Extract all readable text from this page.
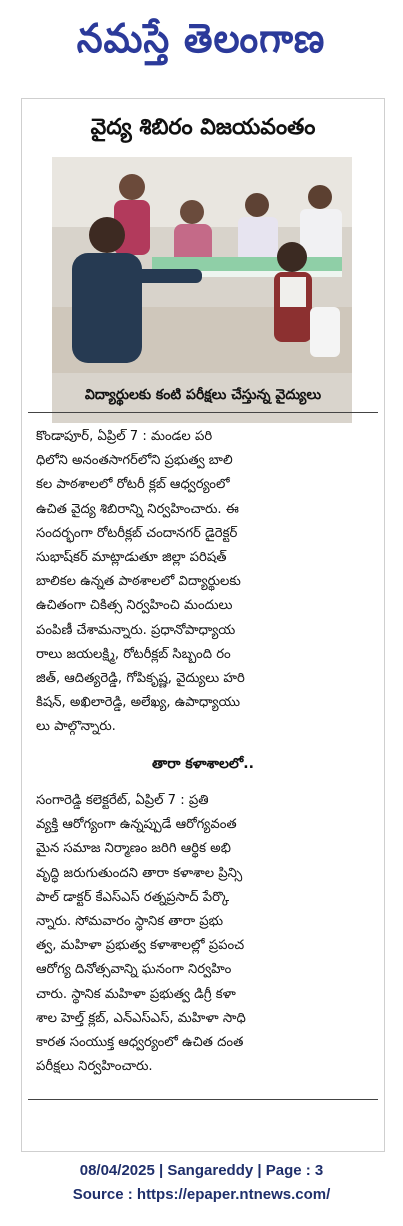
నమస్తే తెలంగాణ
వైద్య శిబిరం విజయవంతం
విద్యార్థులకు కంటి పరీక్షలు చేస్తున్న వైద్యులు
కొండాపూర్, ఏప్రిల్ 7 : మండల పరి
ధిలోని అనంతసాగర్‌లోని ప్రభుత్వ బాలి
కల పాఠశాలలో రోటరీ క్లబ్ ఆధ్వర్యంలో
ఉచిత వైద్య శిబిరాన్ని నిర్వహించారు. ఈ
సందర్భంగా రోటరీక్లబ్ చందానగర్ డైరెక్టర్
సుభాష్‌కర్ మాట్లాడుతూ జిల్లా పరిషత్
బాలికల ఉన్నత పాఠశాలలో విద్యార్థులకు
ఉచితంగా చికిత్స నిర్వహించి మందులు
పంపిణీ చేశామన్నారు. ప్రధానోపాధ్యాయ
రాలు జయలక్ష్మి, రోటరీక్లబ్ సిబ్బంది రం
జిత్, ఆదిత్యరెడ్డి, గోపికృష్ణ, వైద్యులు హరి
కిషన్, అఖిలారెడ్డి, అలేఖ్య, ఉపాధ్యాయు
లు పాల్గొన్నారు.
తారా కళాశాలలో..
సంగారెడ్డి కలెక్టరేట్, ఏప్రిల్ 7 : ప్రతి
వ్యక్తి ఆరోగ్యంగా ఉన్నప్పుడే ఆరోగ్యవంత
మైన సమాజ నిర్మాణం జరిగి ఆర్థిక అభి
వృద్ధి జరుగుతుందని తారా కళాశాల ప్రిన్సి
పాల్ డాక్టర్ కేఎస్ఎస్ రత్నప్రసాద్ పేర్కొ
న్నారు. సోమవారం స్థానిక తారా ప్రభు
త్వ, మహిళా ప్రభుత్వ కళాశాలల్లో ప్రపంచ
ఆరోగ్య దినోత్సవాన్ని ఘనంగా నిర్వహిం
చారు. స్థానిక మహిళా ప్రభుత్వ డిగ్రీ కళా
శాల హెల్త్ క్లబ్, ఎన్ఎస్ఎస్, మహిళా సాధి
కారత సంయుక్త ఆధ్వర్యంలో ఉచిత దంత
పరీక్షలు నిర్వహించారు.
08/04/2025 | Sangareddy | Page : 3
Source : https://epaper.ntnews.com/
